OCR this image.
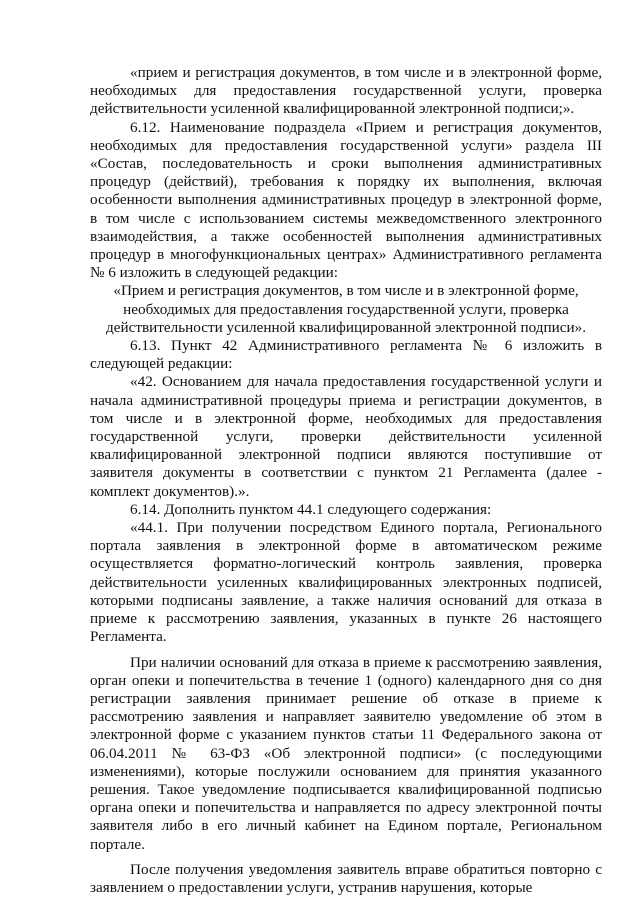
«прием и регистрация документов, в том числе и в электронной форме, необходимых для предоставления государственной услуги, проверка действительности усиленной квалифицированной электронной подписи;».

6.12. Наименование подраздела «Прием и регистрация документов, необходимых для предоставления государственной услуги» раздела III «Состав, последовательность и сроки выполнения административных процедур (действий), требования к порядку их выполнения, включая особенности выполнения административных процедур в электронной форме, в том числе с использованием системы межведомственного электронного взаимодействия, а также особенностей выполнения административных процедур в многофункциональных центрах» Административного регламента № 6 изложить в следующей редакции:

«Прием и регистрация документов, в том числе и в электронной форме, необходимых для предоставления государственной услуги, проверка действительности усиленной квалифицированной электронной подписи».

6.13. Пункт 42 Административного регламента № 6 изложить в следующей редакции:

«42. Основанием для начала предоставления государственной услуги и начала административной процедуры приема и регистрации документов, в том числе и в электронной форме, необходимых для предоставления государственной услуги, проверки действительности усиленной квалифицированной электронной подписи являются поступившие от заявителя документы в соответствии с пунктом 21 Регламента (далее - комплект документов).».

6.14. Дополнить пунктом 44.1 следующего содержания:

«44.1. При получении посредством Единого портала, Регионального портала заявления в электронной форме в автоматическом режиме осуществляется форматно-логический контроль заявления, проверка действительности усиленных квалифицированных электронных подписей, которыми подписаны заявление, а также наличия оснований для отказа в приеме к рассмотрению заявления, указанных в пункте 26 настоящего Регламента.

При наличии оснований для отказа в приеме к рассмотрению заявления, орган опеки и попечительства в течение 1 (одного) календарного дня со дня регистрации заявления принимает решение об отказе в приеме к рассмотрению заявления и направляет заявителю уведомление об этом в электронной форме с указанием пунктов статьи 11 Федерального закона от 06.04.2011 № 63-ФЗ «Об электронной подписи» (с последующими изменениями), которые послужили основанием для принятия указанного решения. Такое уведомление подписывается квалифицированной подписью органа опеки и попечительства и направляется по адресу электронной почты заявителя либо в его личный кабинет на Едином портале, Региональном портале.

После получения уведомления заявитель вправе обратиться повторно с заявлением о предоставлении услуги, устранив нарушения, которые
